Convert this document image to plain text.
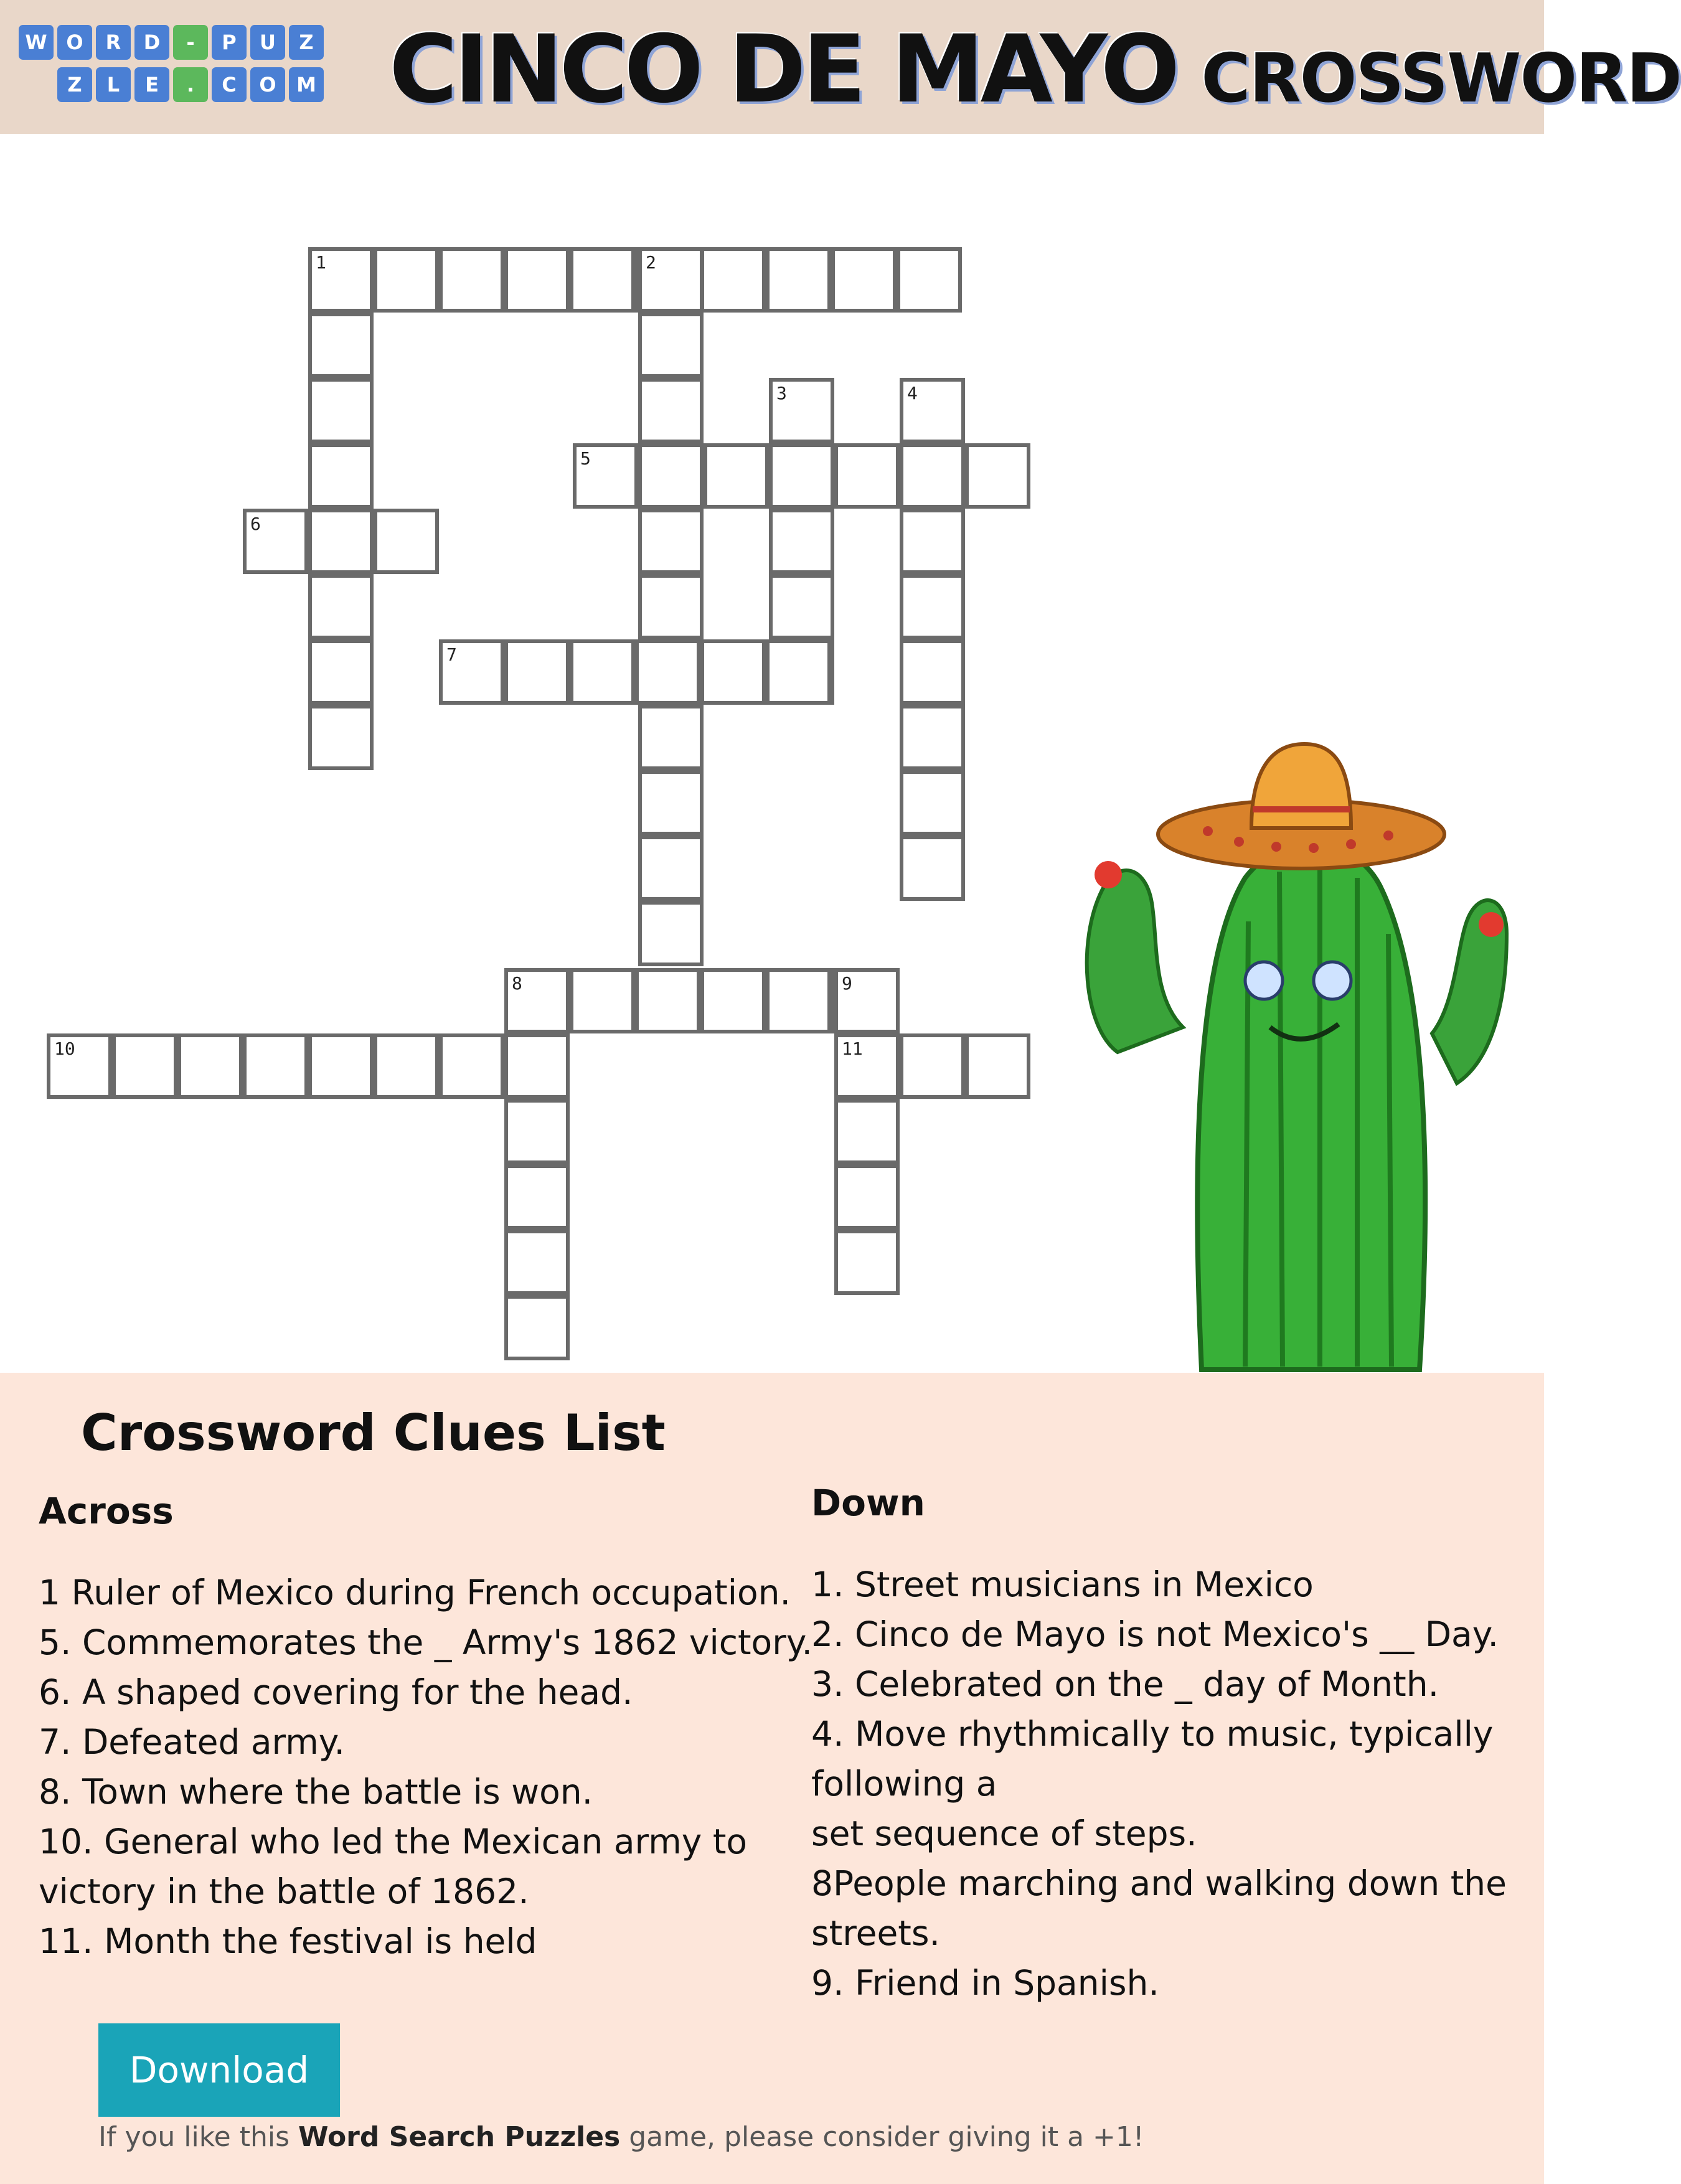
W O	R	D	-	P	U	Z
Z	L	E	.	C	O	M CINCO DE MAYO CROSSWORD
1	2
3	4
5
6
7
8	9
11
10
Crossword Clues List
Across	Down
1 Ruler of Mexico during French occupation.
5. Commemorates the _ Army's 1862 victory.
6. A shaped covering for the head.
7. Defeated army.
8. Town where the battle is won.
10. General who led the Mexican army to
victory in the battle of 1862.
11. Month the festival is held
1. Street musicians in Mexico
2. Cinco de Mayo is not Mexico's __ Day.
3. Celebrated on the _ day of Month.
4. Move rhythmically to music, typically
following a
set sequence of steps.
8People marching and walking down the
streets.
9. Friend in Spanish.
Download
If you like this Word Search Puzzles game, please consider giving it a +1!
